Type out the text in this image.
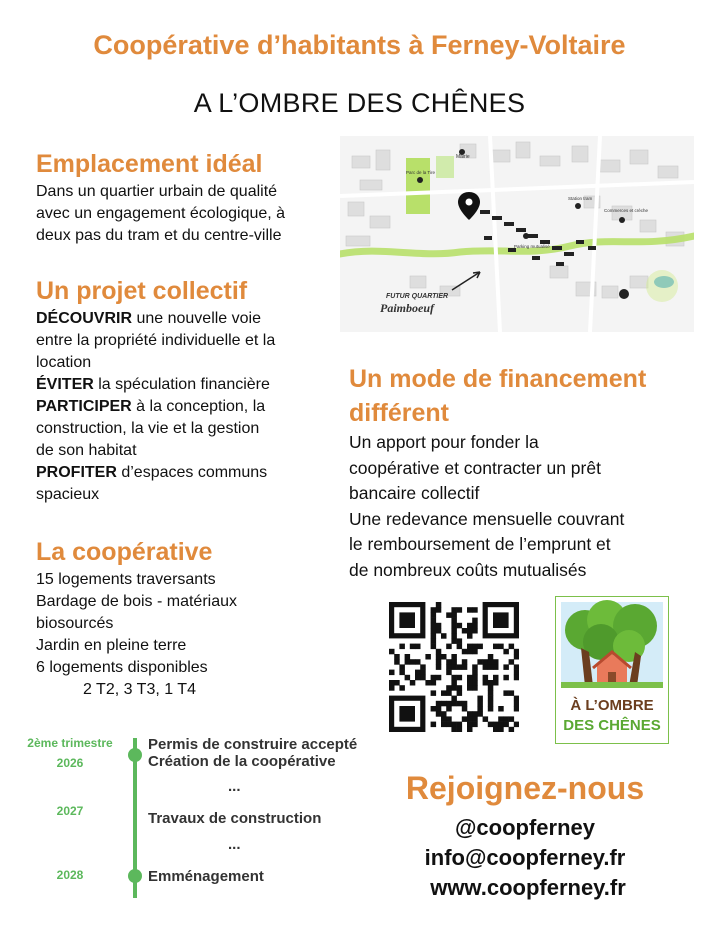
Coopérative d’habitants à Ferney-Voltaire
A L’OMBRE DES CHÊNES
Emplacement idéal
Dans un quartier urbain de qualité
avec un engagement écologique, à
deux pas du tram et du centre-ville
Un projet collectif
DÉCOUVRIR une nouvelle voie
entre la propriété individuelle et la
location
ÉVITER la spéculation financière
PARTICIPER à la conception, la
construction, la vie et la gestion
de son habitat
PROFITER d’espaces communs
spacieux
La coopérative
15 logements traversants
Bardage de bois - matériaux
biosourcés
Jardin en pleine terre
6 logements disponibles
2 T2, 3 T3, 1 T4
Mairie
Parc de la Tire
Parking mutualisé
Station tram
Commerces et crèche
FUTUR QUARTIER
Paimboeuf
Un mode de financement
différent
Un apport pour fonder la
coopérative et contracter un prêt
bancaire collectif
Une redevance mensuelle couvrant
le remboursement de l’emprunt et
de nombreux coûts mutualisés
À L’OMBRE
DES CHÊNES
2ème trimestre
2026
Permis de construire accepté
Création de la coopérative
...
2027	Travaux de construction
...
2028	Emménagement
Rejoignez-nous
@coopferney
info@coopferney.fr
www.coopferney.fr
